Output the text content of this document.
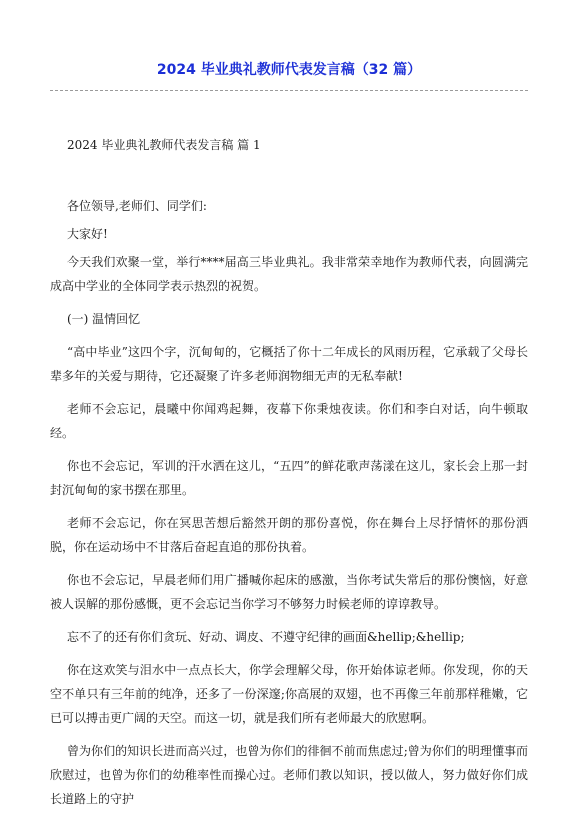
2024 毕业典礼教师代表发言稿（32 篇）
2024 毕业典礼教师代表发言稿 篇 1

各位领导,老师们、同学们:

大家好!

今天我们欢聚一堂，举行****届高三毕业典礼。我非常荣幸地作为教师代表，向圆满完成高中学业的全体同学表示热烈的祝贺。

(一) 温情回忆

“高中毕业”这四个字，沉甸甸的，它概括了你十二年成长的风雨历程，它承载了父母长辈多年的关爱与期待，它还凝聚了许多老师润物细无声的无私奉献!

老师不会忘记，晨曦中你闻鸡起舞，夜幕下你秉烛夜读。你们和李白对话，向牛顿取经。

你也不会忘记，军训的汗水洒在这儿，“五四”的鲜花歌声荡漾在这儿，家长会上那一封封沉甸甸的家书摆在那里。

老师不会忘记，你在冥思苦想后豁然开朗的那份喜悦，你在舞台上尽抒情怀的那份洒脱，你在运动场中不甘落后奋起直追的那份执着。

你也不会忘记，早晨老师们用广播喊你起床的感激，当你考试失常后的那份懊恼，好意被人误解的那份感慨，更不会忘记当你学习不够努力时候老师的谆谆教导。

忘不了的还有你们贪玩、好动、调皮、不遵守纪律的画面&hellip;&hellip;

你在这欢笑与泪水中一点点长大，你学会理解父母，你开始体谅老师。你发现，你的天空不单只有三年前的纯净，还多了一份深邃;你高展的双翅，也不再像三年前那样稚嫩，它已可以搏击更广阔的天空。而这一切，就是我们所有老师最大的欣慰啊。

曾为你们的知识长进而高兴过，也曾为你们的徘徊不前而焦虑过;曾为你们的明理懂事而欣慰过，也曾为你们的幼稚率性而操心过。老师们教以知识，授以做人，努力做好你们成长道路上的守护
